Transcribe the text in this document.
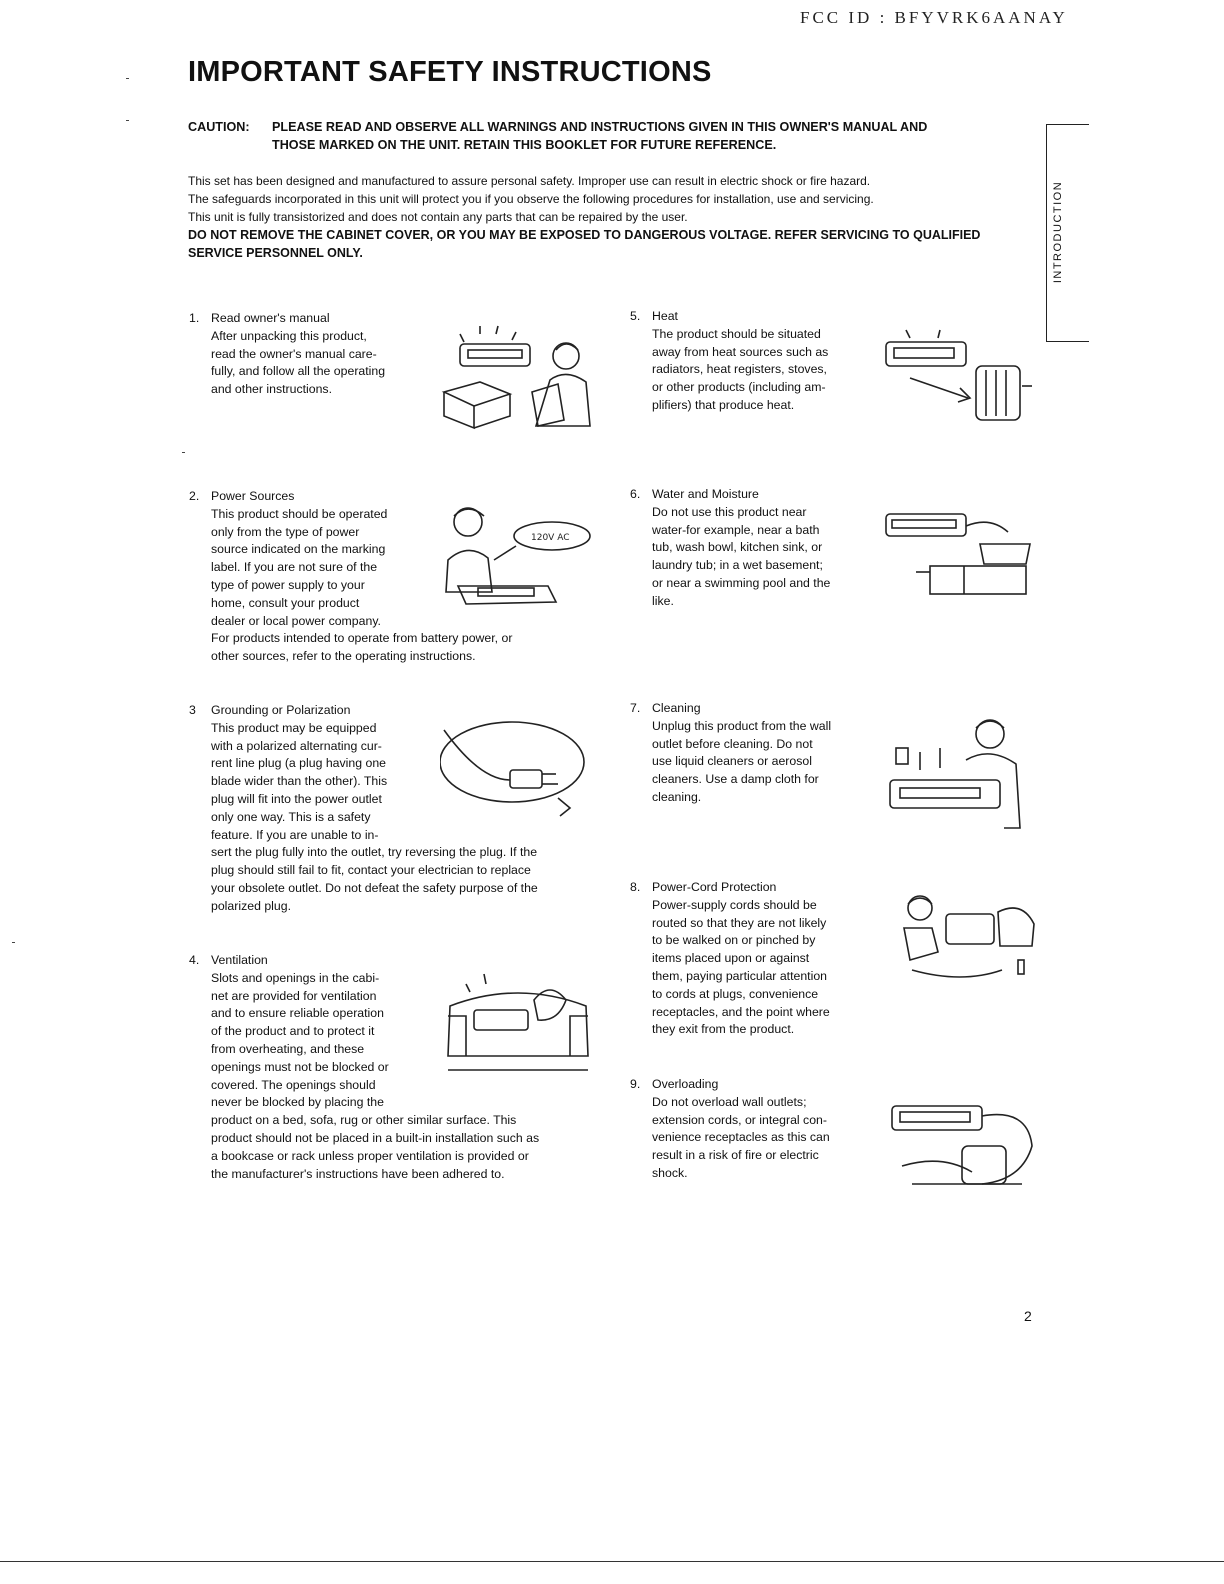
FCC ID : BFYVRK6AANAY
IMPORTANT SAFETY INSTRUCTIONS
CAUTION: PLEASE READ AND OBSERVE ALL WARNINGS AND INSTRUCTIONS GIVEN IN THIS OWNER'S MANUAL AND
THOSE MARKED ON THE UNIT. RETAIN THIS BOOKLET FOR FUTURE REFERENCE.
This set has been designed and manufactured to assure personal safety. Improper use can result in electric shock or fire hazard.
The safeguards incorporated in this unit will protect you if you observe the following procedures for installation, use and servicing.
This unit is fully transistorized and does not contain any parts that can be repaired by the user.
DO NOT REMOVE THE CABINET COVER, OR YOU MAY BE EXPOSED TO DANGEROUS VOLTAGE. REFER SERVICING TO QUALIFIED SERVICE PERSONNEL ONLY.	INTRODUCTION
1. Read owner's manual
After unpacking this product,
read the owner's manual care-
fully, and follow all the operating
and other instructions.
2. Power Sources
This product should be operated
only from the type of power
source indicated on the marking
label. If you are not sure of the
type of power supply to your
home, consult your product
dealer or local power company.
For products intended to operate from battery power, or
other sources, refer to the operating instructions.
3 Grounding or Polarization
This product may be equipped
with a polarized alternating cur-
rent line plug (a plug having one
blade wider than the other). This
plug will fit into the power outlet
only one way. This is a safety
feature. If you are unable to in-
sert the plug fully into the outlet, try reversing the plug. If the
plug should still fail to fit, contact your electrician to replace
your obsolete outlet. Do not defeat the safety purpose of the
polarized plug.
4. Ventilation
Slots and openings in the cabi-
net are provided for ventilation
and to ensure reliable operation
of the product and to protect it
from overheating, and these
openings must not be blocked or
covered. The openings should
never be blocked by placing the
product on a bed, sofa, rug or other similar surface. This
product should not be placed in a built-in installation such as
a bookcase or rack unless proper ventilation is provided or
the manufacturer's instructions have been adhered to.
5. Heat
The product should be situated
away from heat sources such as
radiators, heat registers, stoves,
or other products (including am-
plifiers) that produce heat.
6. Water and Moisture
Do not use this product near
water-for example, near a bath
tub, wash bowl, kitchen sink, or
laundry tub; in a wet basement;
or near a swimming pool and the
like.
7. Cleaning
Unplug this product from the wall
outlet before cleaning. Do not
use liquid cleaners or aerosol
cleaners. Use a damp cloth for
cleaning.
8. Power-Cord Protection
Power-supply cords should be
routed so that they are not likely
to be walked on or pinched by
items placed upon or against
them, paying particular attention
to cords at plugs, convenience
receptacles, and the point where
they exit from the product.
9. Overloading
Do not overload wall outlets;
extension cords, or integral con-
venience receptacles as this can
result in a risk of fire or electric
shock.
120V AC
2
